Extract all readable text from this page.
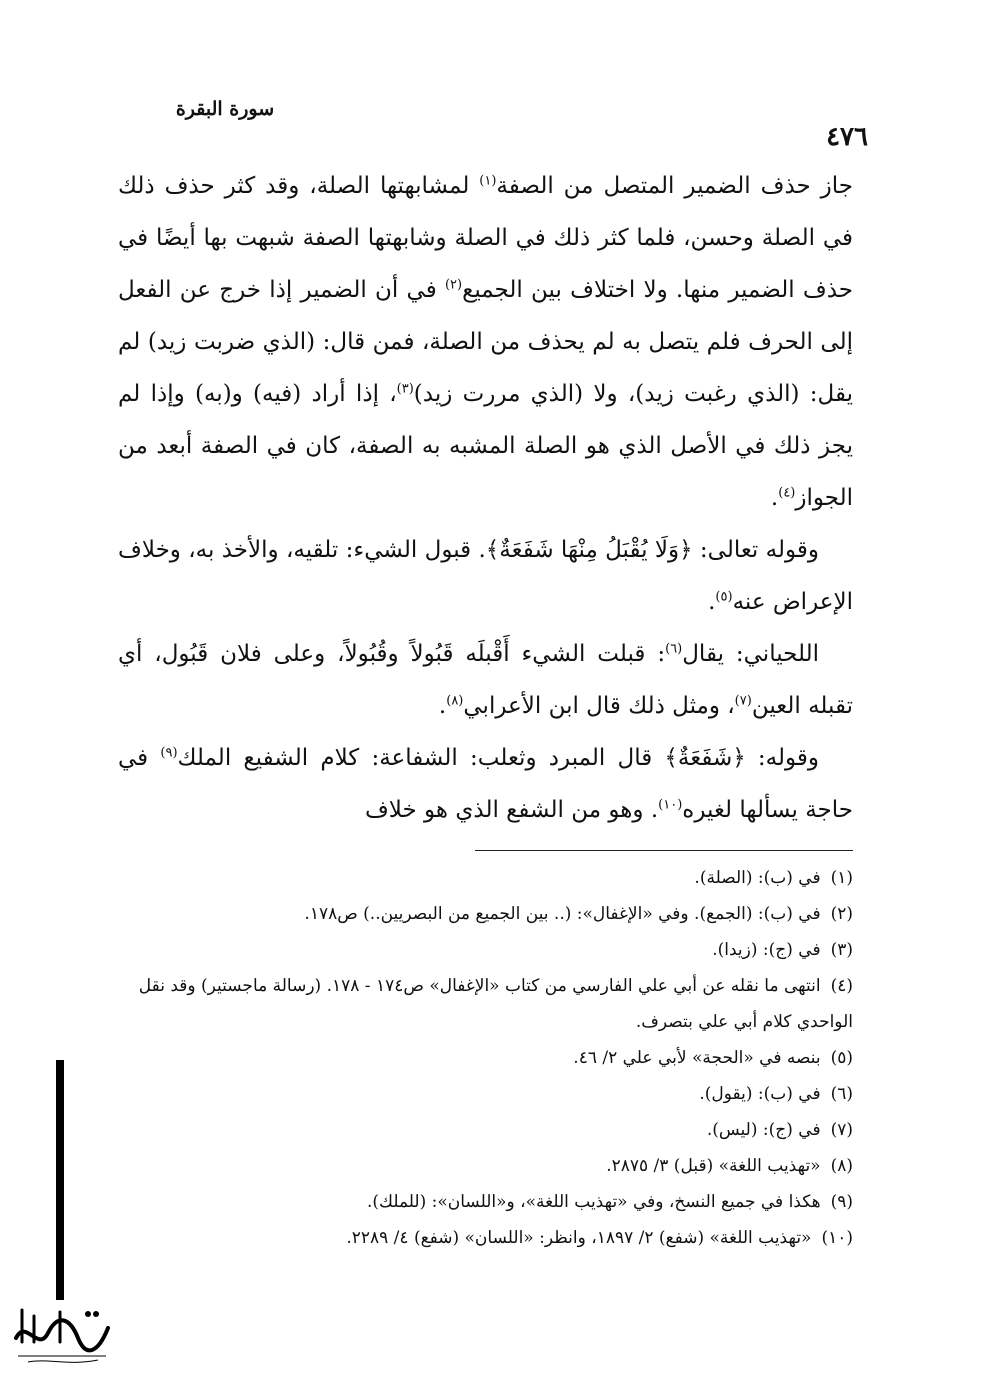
سورة البقرة
٤٧٦

جاز حذف الضمير المتصل من الصفة$^{(١)}$ لمشابهتها الصلة، وقد كثر حذف ذلك في الصلة وحسن، فلما كثر ذلك في الصلة وشابهتها الصفة شبهت بها أيضًا في حذف الضمير منها. ولا اختلاف بين الجميع$^{(٢)}$ في أن الضمير إذا خرج عن الفعل إلى الحرف فلم يتصل به لم يحذف من الصلة، فمن قال: (الذي ضربت زيد) لم يقل: (الذي رغبت زيد)، ولا (الذي مررت زيد)$^{(٣)}$، إذا أراد (فيه) و(به) وإذا لم يجز ذلك في الأصل الذي هو الصلة المشبه به الصفة، كان في الصفة أبعد من الجواز$^{(٤)}$.

وقوله تعالى: ﴿وَلَا يُقْبَلُ مِنْهَا شَفَعَةٌ﴾. قبول الشيء: تلقيه، والأخذ به، وخلاف الإعراض عنه$^{(٥)}$.

اللحياني: يقال$^{(٦)}$: قبلت الشيء أَقْبلَه قَبُولاً وقُبُولاً، وعلى فلان قَبُول، أي تقبله العين$^{(٧)}$، ومثل ذلك قال ابن الأعرابي$^{(٨)}$.

وقوله: ﴿شَفَعَةٌ﴾ قال المبرد وثعلب: الشفاعة: كلام الشفيع الملك$^{(٩)}$ في حاجة يسألها لغيره$^{(١٠)}$. وهو من الشفع الذي هو خلاف

(١)في (ب): (الصلة).

(٢)في (ب): (الجمع). وفي «الإغفال»: (.. بين الجميع من البصريين..) ص١٧٨.

(٣)في (ج): (زيدا).

(٤)انتهى ما نقله عن أبي علي الفارسي من كتاب «الإغفال» ص١٧٤ - ١٧٨. (رسالة ماجستير) وقد نقل الواحدي كلام أبي علي بتصرف.

(٥)بنصه في «الحجة» لأبي علي ٢/ ٤٦.

(٦)في (ب): (يقول).

(٧)في (ج): (ليس).

(٨)«تهذيب اللغة» (قبل) ٣/ ٢٨٧٥.

(٩)هكذا في جميع النسخ، وفي «تهذيب اللغة»، و«اللسان»: (للملك).

(١٠)«تهذيب اللغة» (شفع) ٢/ ١٨٩٧، وانظر: «اللسان» (شفع) ٤/ ٢٢٨٩.
